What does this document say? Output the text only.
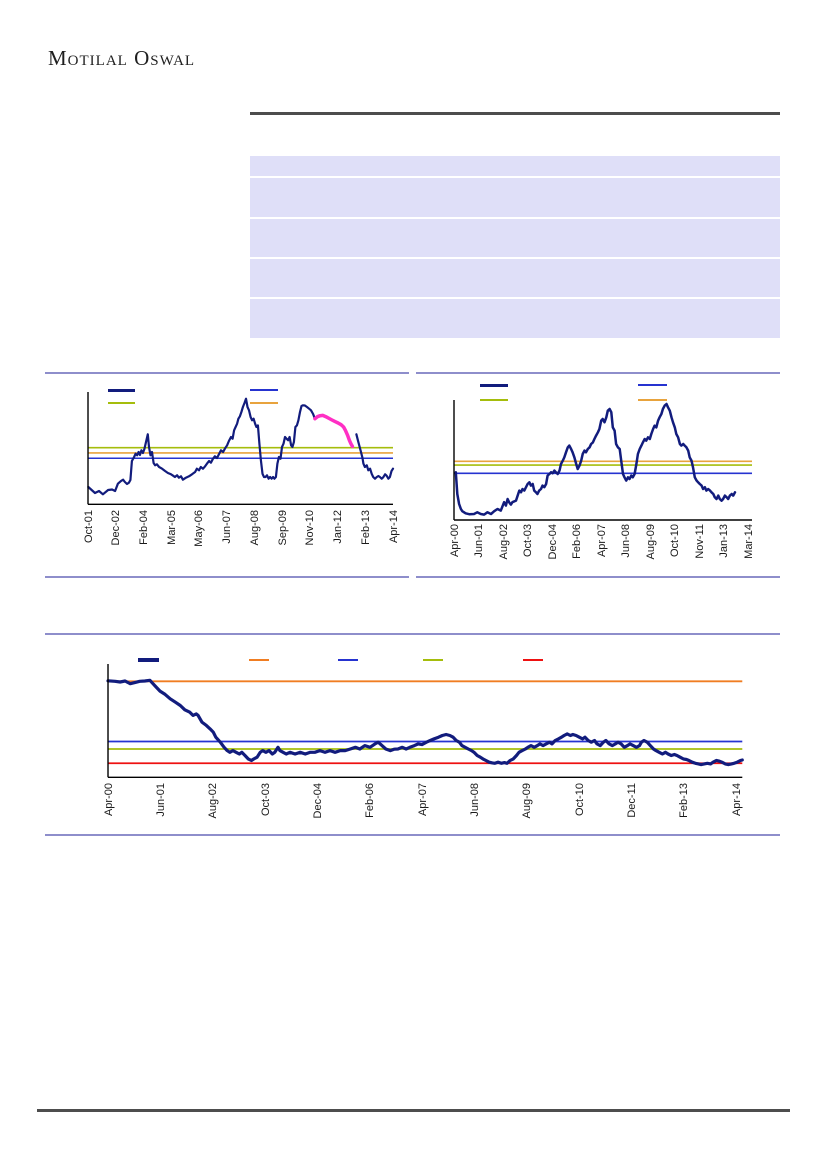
Motilal Oswal
Oct-01 Dec-02 Feb-04 Mar-05 May-06 Jun-07 Aug-08 Sep-09 Nov-10 Jan-12 Feb-13 Apr-14	Apr-00 Jun-01 Aug-02 Oct-03 Dec-04 Feb-06 Apr-07 Jun-08 Aug-09 Oct-10 Nov-11 Jan-13 Mar-14
Apr-00	Jun-01	Aug-02	Oct-03	Dec-04	Feb-06	Apr-07	Jun-08	Aug-09	Oct-10	Dec-11	Feb-13	Apr-14
